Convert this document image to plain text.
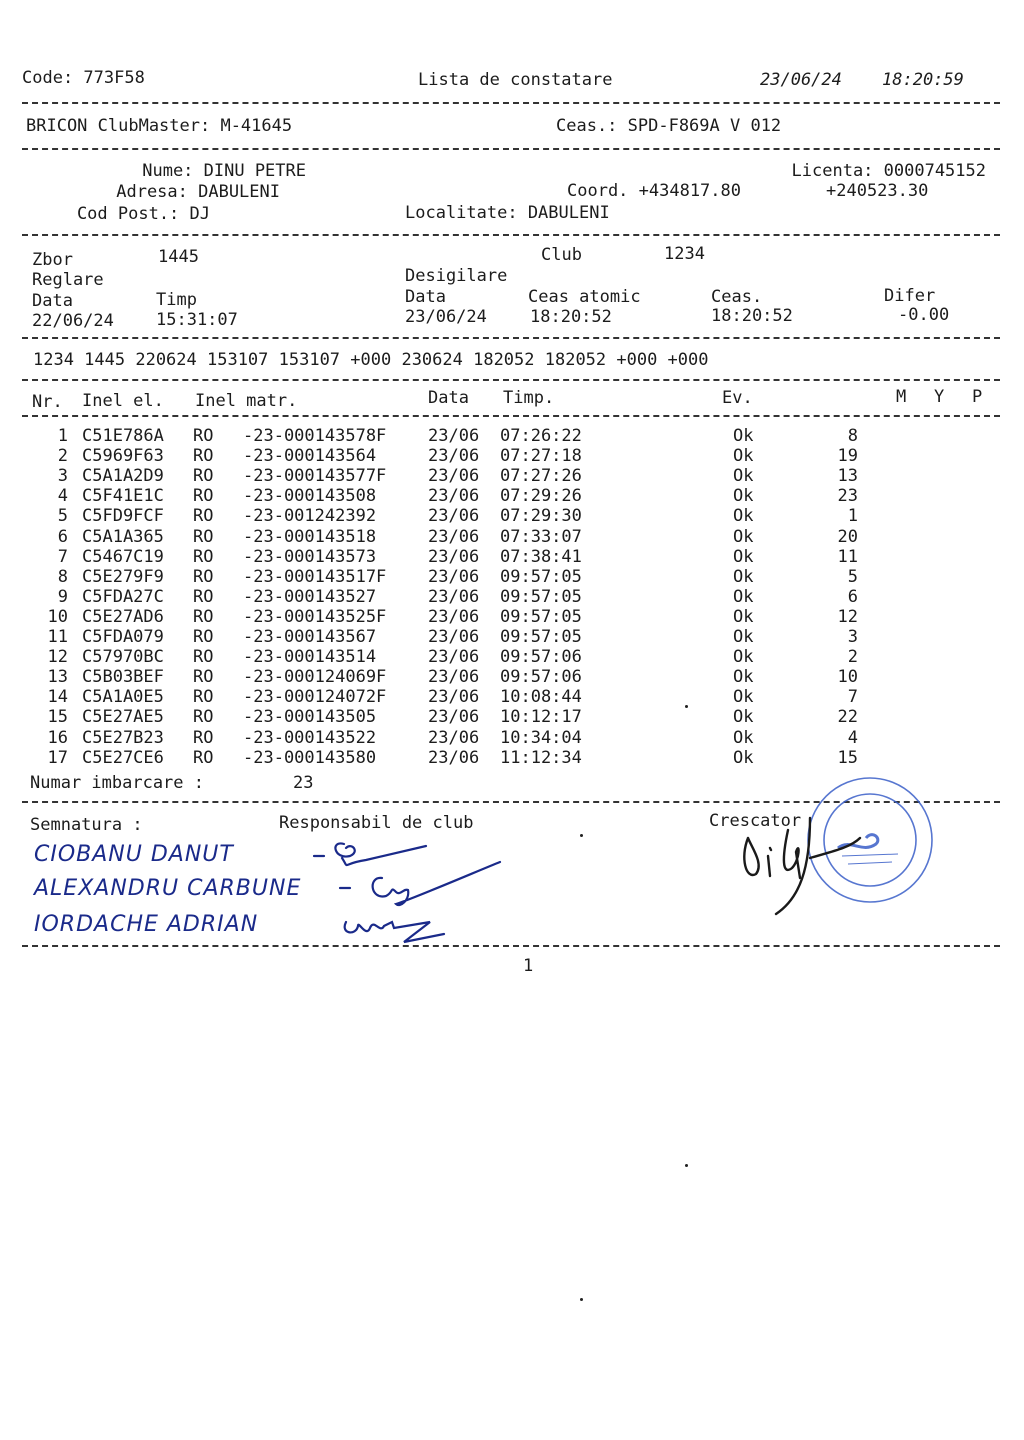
Code: 773F58	Lista de constatare	23/06/24 18:20:59
BRICON ClubMaster: M-41645	Ceas.: SPD-F869A V 012
Nume: DINU PETRE
Adresa: DABULENI
Cod Post.: DJ
Licenta: 0000745152
Coord. +434817.80	+240523.30
Localitate: DABULENI
Zbor	1445	Club	1234
Reglare	Desigilare
Data	Timp	Data	Ceas atomic	Ceas.	Difer
22/06/24 15:31:07	23/06/24	18:20:52	18:20:52	-0.00
1234 1445 220624 153107 153107 +000 230624 182052 182052 +000 +000
Nr. Inel el. Inel matr.	Data Timp.	Ev.	M Y P
1 C51E786A RO -23-000143578F 23/06 07:26:22	Ok	8
2 C5969F63 RO -23-000143564	23/06 07:27:18	Ok	19
3 C5A1A2D9 RO -23-000143577F 23/06 07:27:26	Ok	13
4 C5F41E1C RO -23-000143508	23/06 07:29:26	Ok	23
5 C5FD9FCF RO -23-001242392	23/06 07:29:30	Ok	1
6 C5A1A365 RO -23-000143518	23/06 07:33:07	Ok	20
7 C5467C19 RO -23-000143573	23/06 07:38:41	Ok	11
8 C5E279F9 RO -23-000143517F 23/06 09:57:05	Ok	5
9 C5FDA27C RO -23-000143527	23/06 09:57:05	Ok	6
10 C5E27AD6 RO -23-000143525F 23/06 09:57:05	Ok	12
11 C5FDA079 RO -23-000143567	23/06 09:57:05	Ok	3
12 C57970BC RO -23-000143514	23/06 09:57:06	Ok	2
13 C5B03BEF RO -23-000124069F 23/06 09:57:06	Ok	10
14 C5A1A0E5 RO -23-000124072F 23/06 10:08:44	Ok	7
15 C5E27AE5 RO -23-000143505	23/06 10:12:17	Ok	22
16 C5E27B23 RO -23-000143522	23/06 10:34:04	Ok	4
17 C5E27CE6 RO -23-000143580	23/06 11:12:34	Ok	15
Numar imbarcare :	23
Semnatura :	Responsabil de club	Crescator
CIOBANU DANUT
ALEXANDRU CARBUNE
IORDACHE ADRIAN
1
